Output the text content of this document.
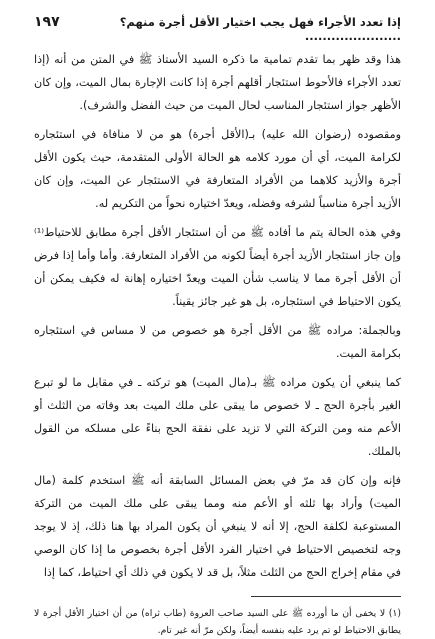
إذا تعدد الأجراء فهل يجب اختيار الأقل أجرة منهم؟ ......................
١٩٧

هذا وقد ظهر بما تقدم تمامية ما ذكره السيد الأستاذ ﷺ في المتن من أنه (إذا تعدد الأجراء فالأحوط استئجار أقلهم أجرة إذا كانت الإجارة بمال الميت، وإن كان الأظهر جواز استئجار المناسب لحال الميت من حيث الفضل والشرف).

ومقصوده (رضوان الله عليه) بـ(الأقل أجرة) هو من لا منافاة في استئجاره لكرامة الميت، أي أن مورد كلامه هو الحالة الأولى المتقدمة، حيث يكون الأقل أجرة والأزيد كلاهما من الأفراد المتعارفة في الاستئجار عن الميت، وإن كان الأزيد أجرة مناسباً لشرفه وفضله، ويعدّ اختياره نحواً من التكريم له.

وفي هذه الحالة يتم ما أفاده ﷺ من أن استئجار الأقل أجرة مطابق للاحتياط⁽¹⁾ وإن جاز استئجار الأزيد أجرة أيضاً لكونه من الأفراد المتعارفة. وأما وأما إذا فرض أن الأقل أجرة مما لا يناسب شأن الميت ويعدّ اختياره إهانة له فكيف يمكن أن يكون الاحتياط في استئجاره، بل هو غير جائز يقيناً.

وبالجملة: مراده ﷺ من الأقل أجرة هو خصوص من لا مساس في استئجاره بكرامة الميت.

كما ينبغي أن يكون مراده ﷺ بـ(مال الميت) هو تركته ـ في مقابل ما لو تبرع الغير بأجرة الحج ـ لا خصوص ما يبقى على ملك الميت بعد وفاته من الثلث أو الأعم منه ومن التركة التي لا تزيد على نفقة الحج بناءً على مسلكه من القول بالملك.

فإنه وإن كان قد مرّ في بعض المسائل السابقة أنه ﷺ استخدم كلمة (مال الميت) وأراد بها ثلثه أو الأعم منه ومما يبقى على ملك الميت من التركة المستوعبة لكلفة الحج، إلا أنه لا ينبغي أن يكون المراد بها هنا ذلك، إذ لا يوجد وجه لتخصيص الاحتياط في اختيار الفرد الأقل أجرة بخصوص ما إذا كان الوصي في مقام إخراج الحج من الثلث مثلاً، بل قد لا يكون في ذلك أي احتياط، كما إذا

(١) لا يخفى أن ما أورده ﷺ على السيد صاحب العروة (طاب ثراه) من أن اختيار الأقل أجرة لا يطابق الاحتياط لو تم يرد عليه بنفسه أيضاً، ولكن مرّ أنه غير تام.
